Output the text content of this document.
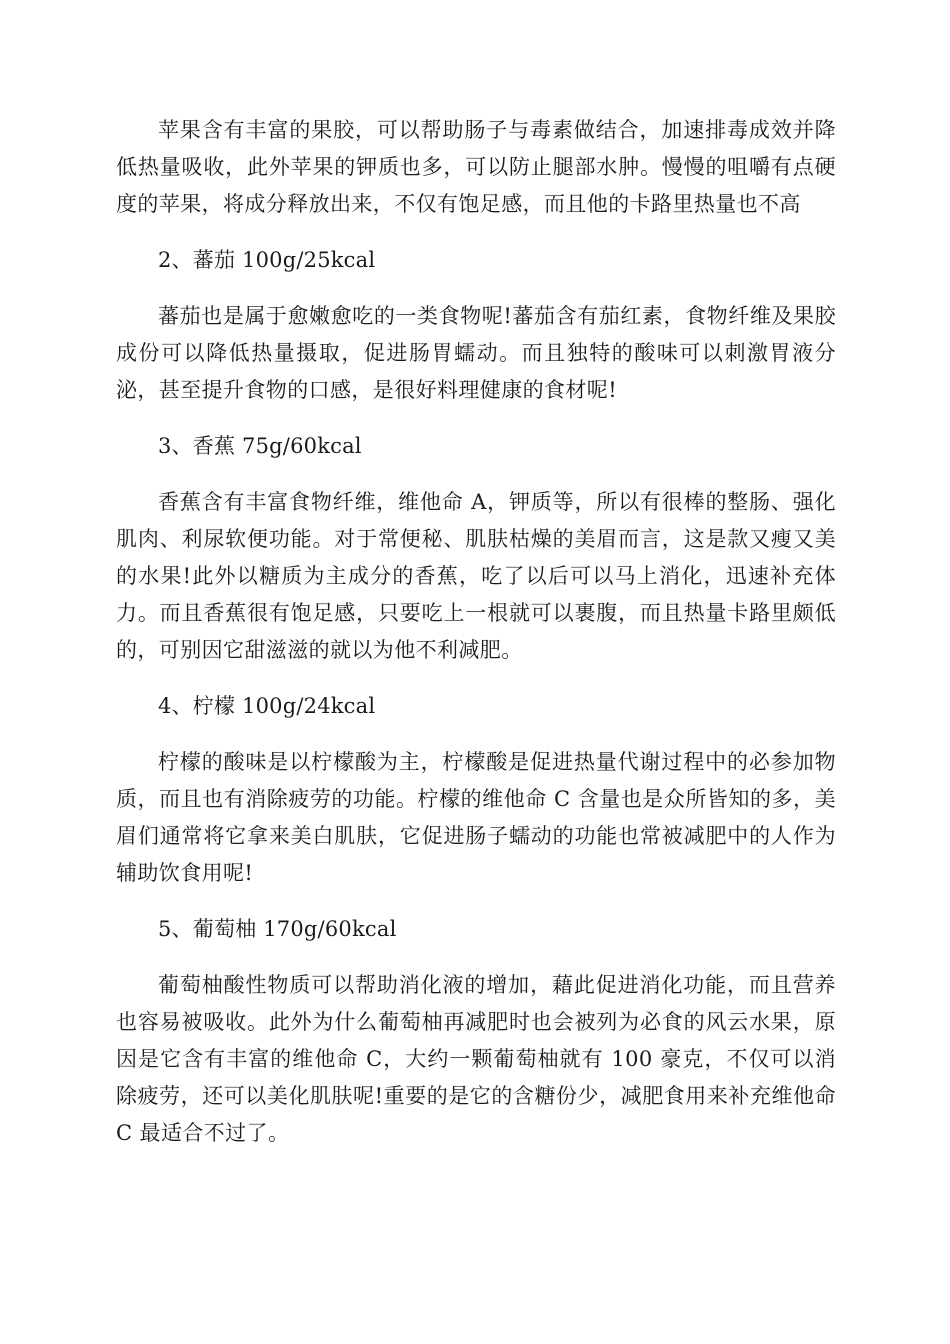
苹果含有丰富的果胶，可以帮助肠子与毒素做结合，加速排毒成效并降低热量吸收，此外苹果的钾质也多，可以防止腿部水肿。慢慢的咀嚼有点硬度的苹果，将成分释放出来，不仅有饱足感，而且他的卡路里热量也不高

2、蕃茄 100g/25kcal

蕃茄也是属于愈嫩愈吃的一类食物呢!蕃茄含有茄红素，食物纤维及果胶成份可以降低热量摄取，促进肠胃蠕动。而且独特的酸味可以刺激胃液分泌，甚至提升食物的口感，是很好料理健康的食材呢!

3、香蕉 75g/60kcal

香蕉含有丰富食物纤维，维他命 A，钾质等，所以有很棒的整肠、强化肌肉、利尿软便功能。对于常便秘、肌肤枯燥的美眉而言，这是款又瘦又美的水果!此外以糖质为主成分的香蕉，吃了以后可以马上消化，迅速补充体力。而且香蕉很有饱足感，只要吃上一根就可以裹腹，而且热量卡路里颇低的，可别因它甜滋滋的就以为他不利减肥。

4、柠檬 100g/24kcal

柠檬的酸味是以柠檬酸为主，柠檬酸是促进热量代谢过程中的必参加物质，而且也有消除疲劳的功能。柠檬的维他命 C 含量也是众所皆知的多，美眉们通常将它拿来美白肌肤，它促进肠子蠕动的功能也常被减肥中的人作为辅助饮食用呢!

5、葡萄柚 170g/60kcal

葡萄柚酸性物质可以帮助消化液的增加，藉此促进消化功能，而且营养也容易被吸收。此外为什么葡萄柚再减肥时也会被列为必食的风云水果，原因是它含有丰富的维他命 C，大约一颗葡萄柚就有 100 豪克，不仅可以消除疲劳，还可以美化肌肤呢!重要的是它的含糖份少，减肥食用来补充维他命 C 最适合不过了。
